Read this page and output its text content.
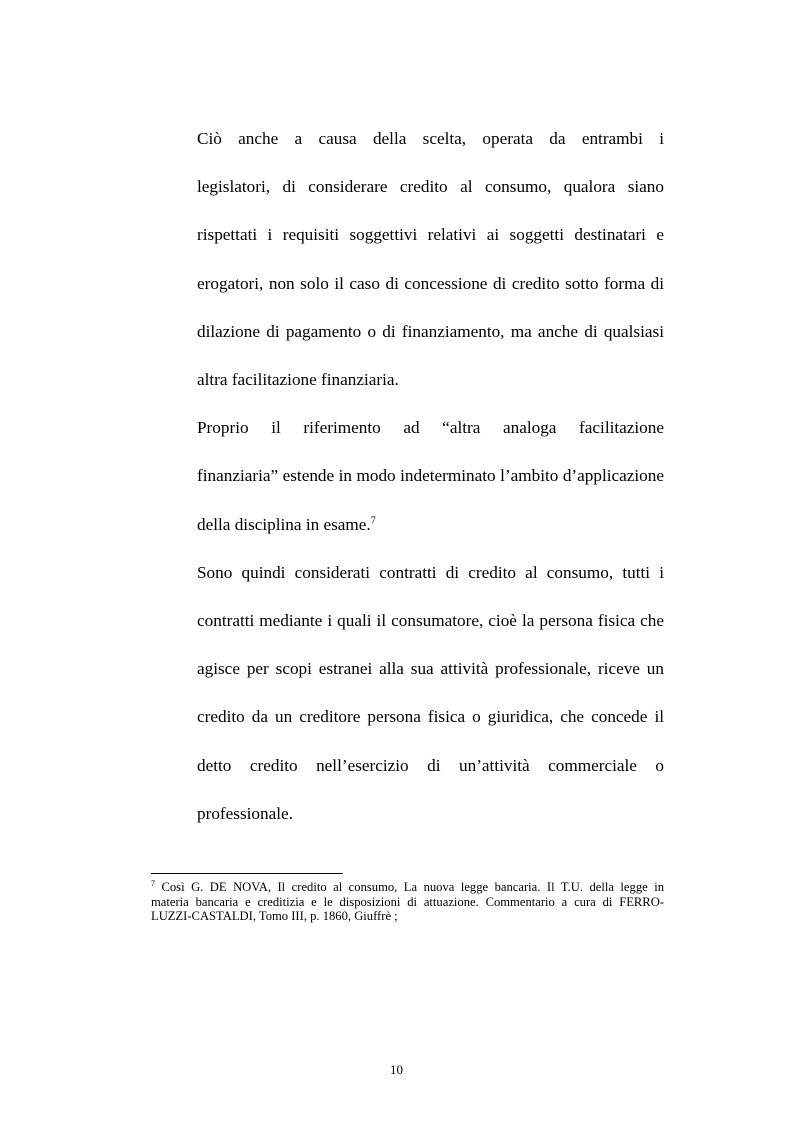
Ciò anche a causa della scelta, operata da entrambi i
legislatori, di considerare credito al consumo, qualora siano
rispettati i requisiti soggettivi relativi ai soggetti destinatari e
erogatori, non solo il caso di concessione di credito sotto forma di
dilazione di pagamento o di finanziamento, ma anche di qualsiasi
altra facilitazione finanziaria.

Proprio il riferimento ad “altra analoga facilitazione
finanziaria” estende in modo indeterminato l’ambito d’applicazione
della disciplina in esame.$^7$

Sono quindi considerati contratti di credito al consumo, tutti i
contratti mediante i quali il consumatore, cioè la persona fisica che
agisce per scopi estranei alla sua attività professionale, riceve un
credito da un creditore persona fisica o giuridica, che concede il
detto credito nell’esercizio di un’attività commerciale o
professionale.

$^7$ Così G. DE NOVA, Il credito al consumo, La nuova legge bancaria. Il T.U. della legge in
materia bancaria e creditizia e le disposizioni di attuazione. Commentario a cura di FERRO-
LUZZI-CASTALDI, Tomo III, p. 1860, Giuffrè ;
10
